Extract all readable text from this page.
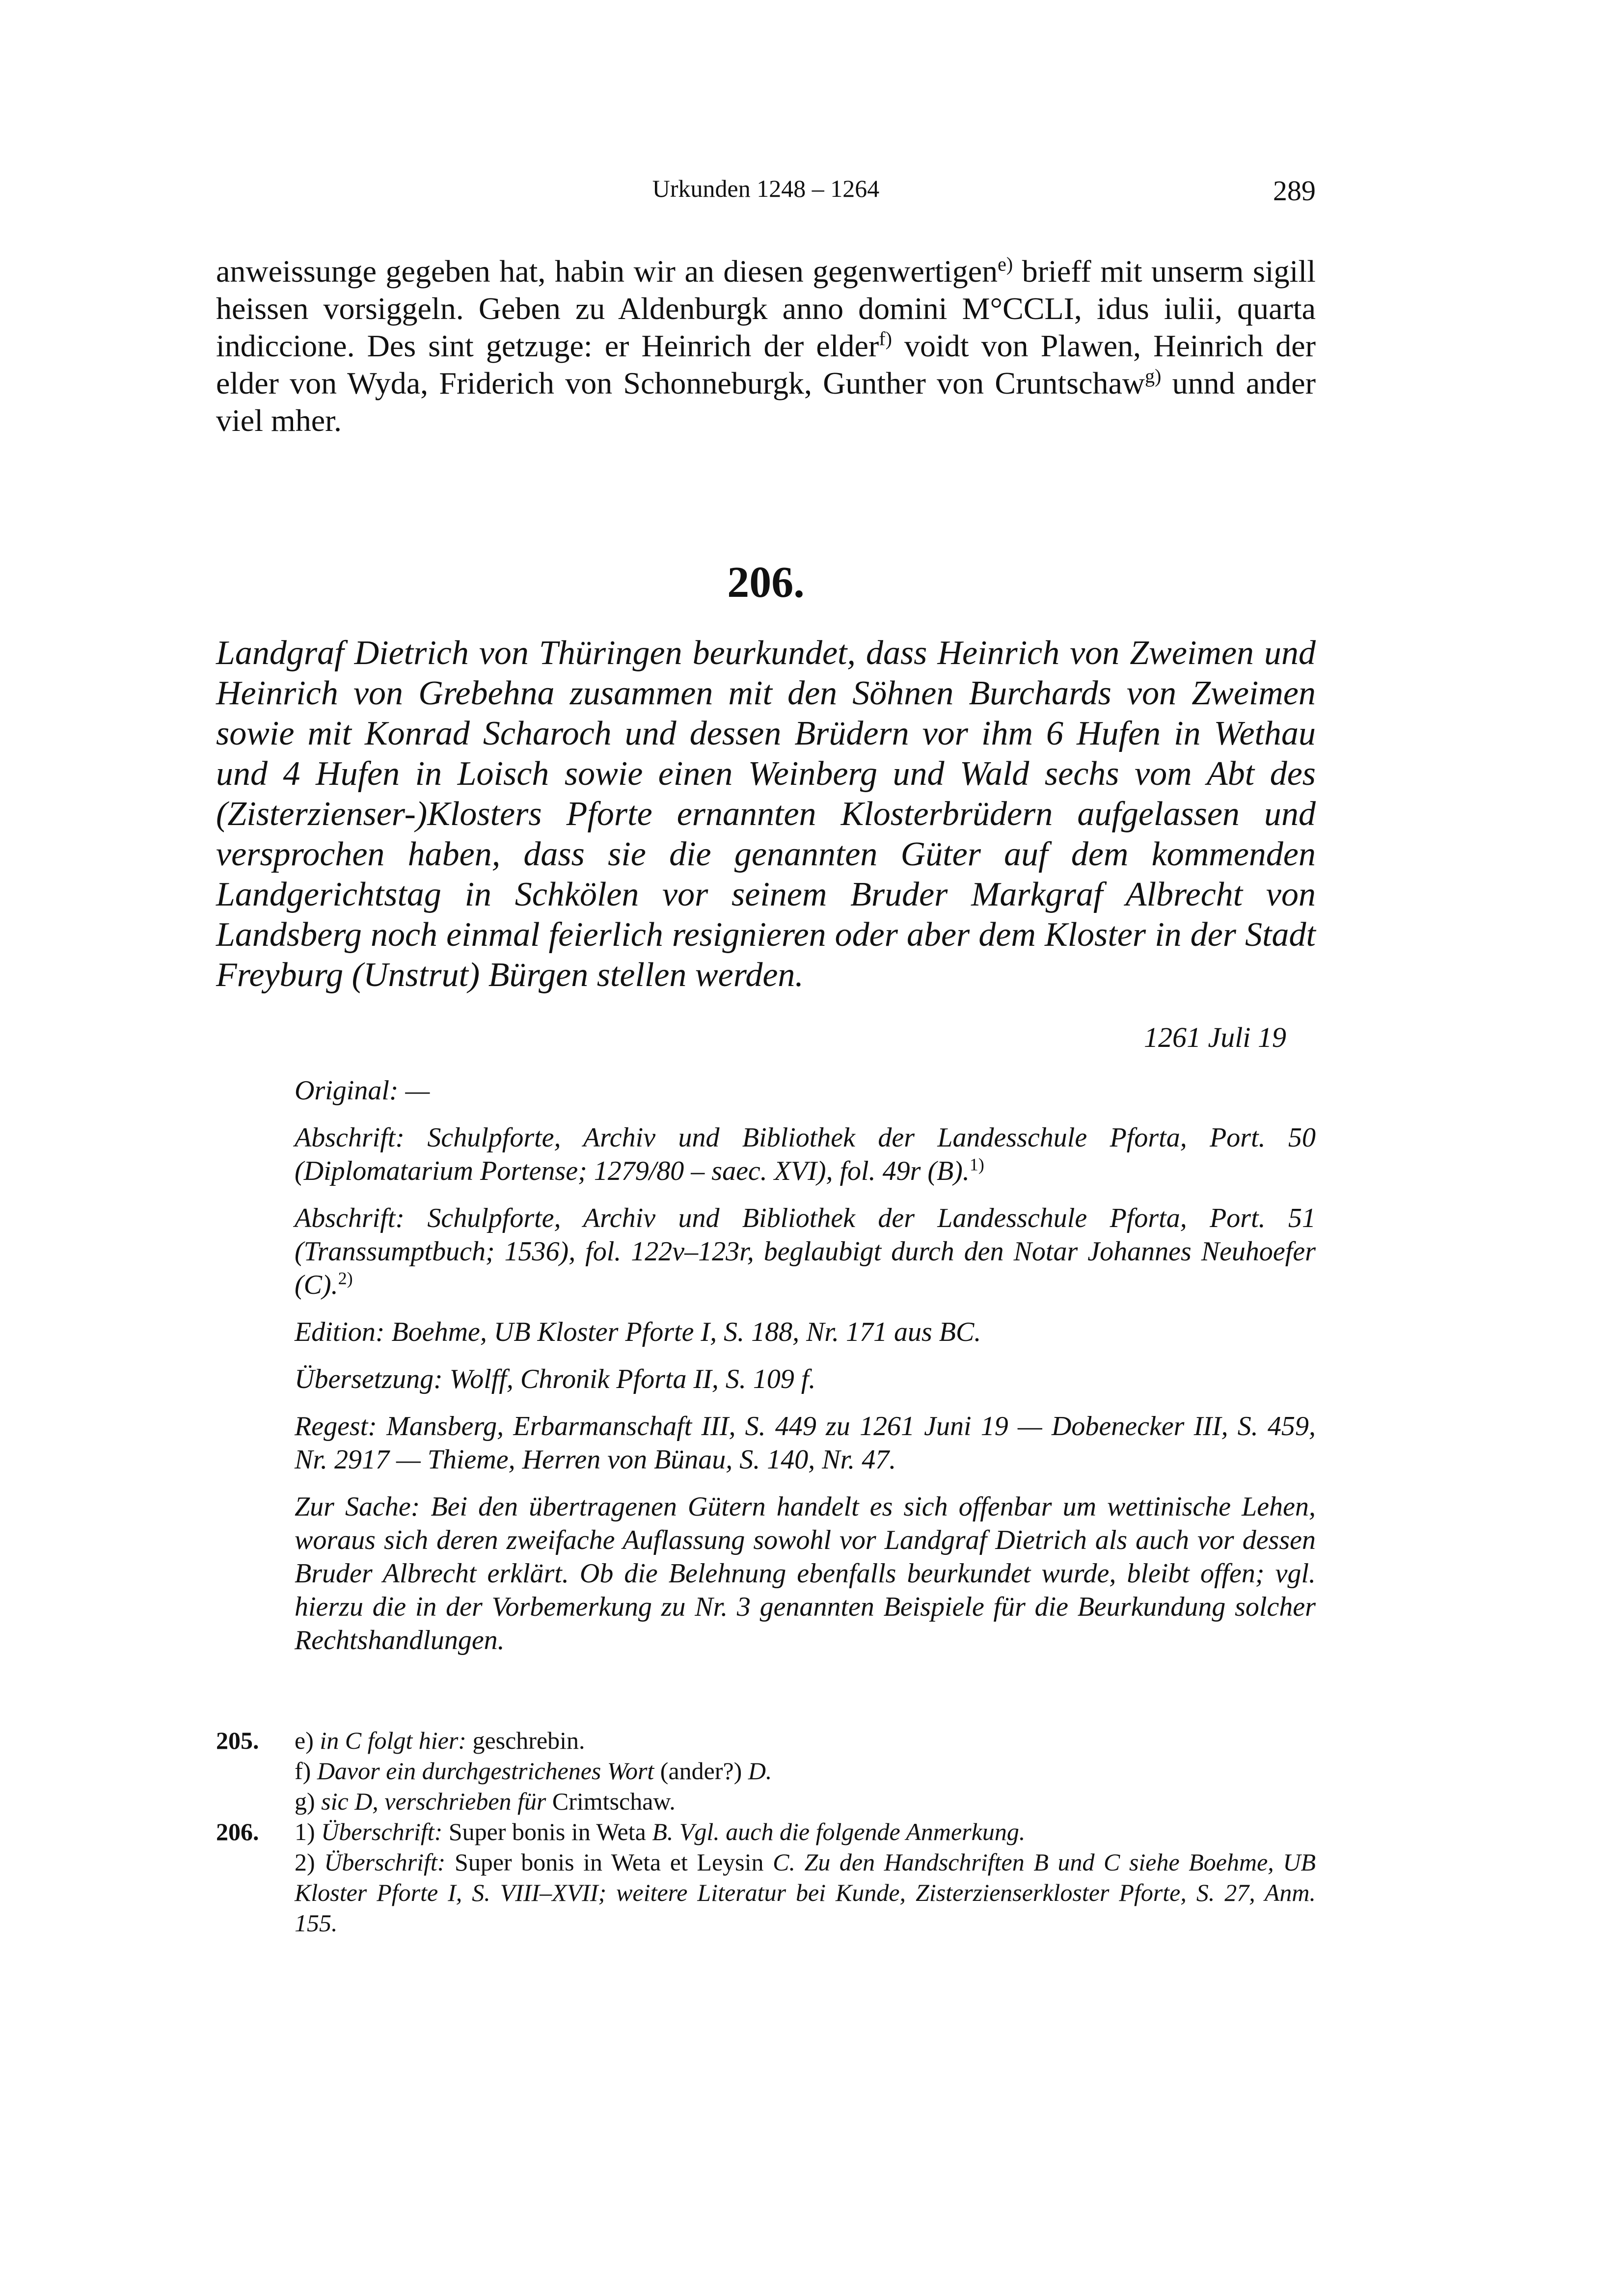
Urkunden 1248 – 1264	289

anweissunge gegeben hat, habin wir an diesen gegenwertigen$^{e)}$ brieff mit unserm sigill heissen vorsiggeln. Geben zu Aldenburgk anno domini M°CCLI, idus iulii, quarta indiccione. Des sint getzuge: er Heinrich der elder$^{f)}$ voidt von Plawen, Heinrich der elder von Wyda, Friderich von Schonneburgk, Gunther von Cruntschaw$^{g)}$ unnd ander viel mher.

206.

Landgraf Dietrich von Thüringen beurkundet, dass Heinrich von Zweimen und Heinrich von Grebehna zusammen mit den Söhnen Burchards von Zweimen sowie mit Konrad Scharoch und dessen Brüdern vor ihm 6 Hufen in Wethau und 4 Hufen in Loisch sowie einen Weinberg und Wald sechs vom Abt des (Zisterzienser-)Klosters Pforte ernannten Klosterbrüdern aufgelassen und versprochen haben, dass sie die genannten Güter auf dem kommenden Landgerichtstag in Schkölen vor seinem Bruder Markgraf Albrecht von Landsberg noch einmal feierlich resignieren oder aber dem Kloster in der Stadt Freyburg (Unstrut) Bürgen stellen werden.

1261 Juli 19

Original: —

Abschrift: Schulpforte, Archiv und Bibliothek der Landesschule Pforta, Port. 50 (Diplomatarium Portense; 1279/80 – saec. XVI), fol. 49r (B).$^{1)}$

Abschrift: Schulpforte, Archiv und Bibliothek der Landesschule Pforta, Port. 51 (Transsumptbuch; 1536), fol. 122v–123r, beglaubigt durch den Notar Johannes Neuhoefer (C).$^{2)}$

Edition: Boehme, UB Kloster Pforte I, S. 188, Nr. 171 aus BC.

Übersetzung: Wolff, Chronik Pforta II, S. 109 f.

Regest: Mansberg, Erbarmanschaft III, S. 449 zu 1261 Juni 19 — Dobenecker III, S. 459, Nr. 2917 — Thieme, Herren von Bünau, S. 140, Nr. 47.

Zur Sache: Bei den übertragenen Gütern handelt es sich offenbar um wettinische Lehen, woraus sich deren zweifache Auflassung sowohl vor Landgraf Dietrich als auch vor dessen Bruder Albrecht erklärt. Ob die Belehnung ebenfalls beurkundet wurde, bleibt offen; vgl. hierzu die in der Vorbemerkung zu Nr. 3 genannten Beispiele für die Beurkundung solcher Rechtshandlungen.

205.	e) in C folgt hier: geschrebin.
f) Davor ein durchgestrichenes Wort (ander?) D.
g) sic D, verschrieben für Crimtschaw.
206.	1) Überschrift: Super bonis in Weta B. Vgl. auch die folgende Anmerkung.
2) Überschrift: Super bonis in Weta et Leysin C. Zu den Handschriften B und C siehe Boehme, UB Kloster Pforte I, S. VIII–XVII; weitere Literatur bei Kunde, Zisterzienserkloster Pforte, S. 27, Anm. 155.
